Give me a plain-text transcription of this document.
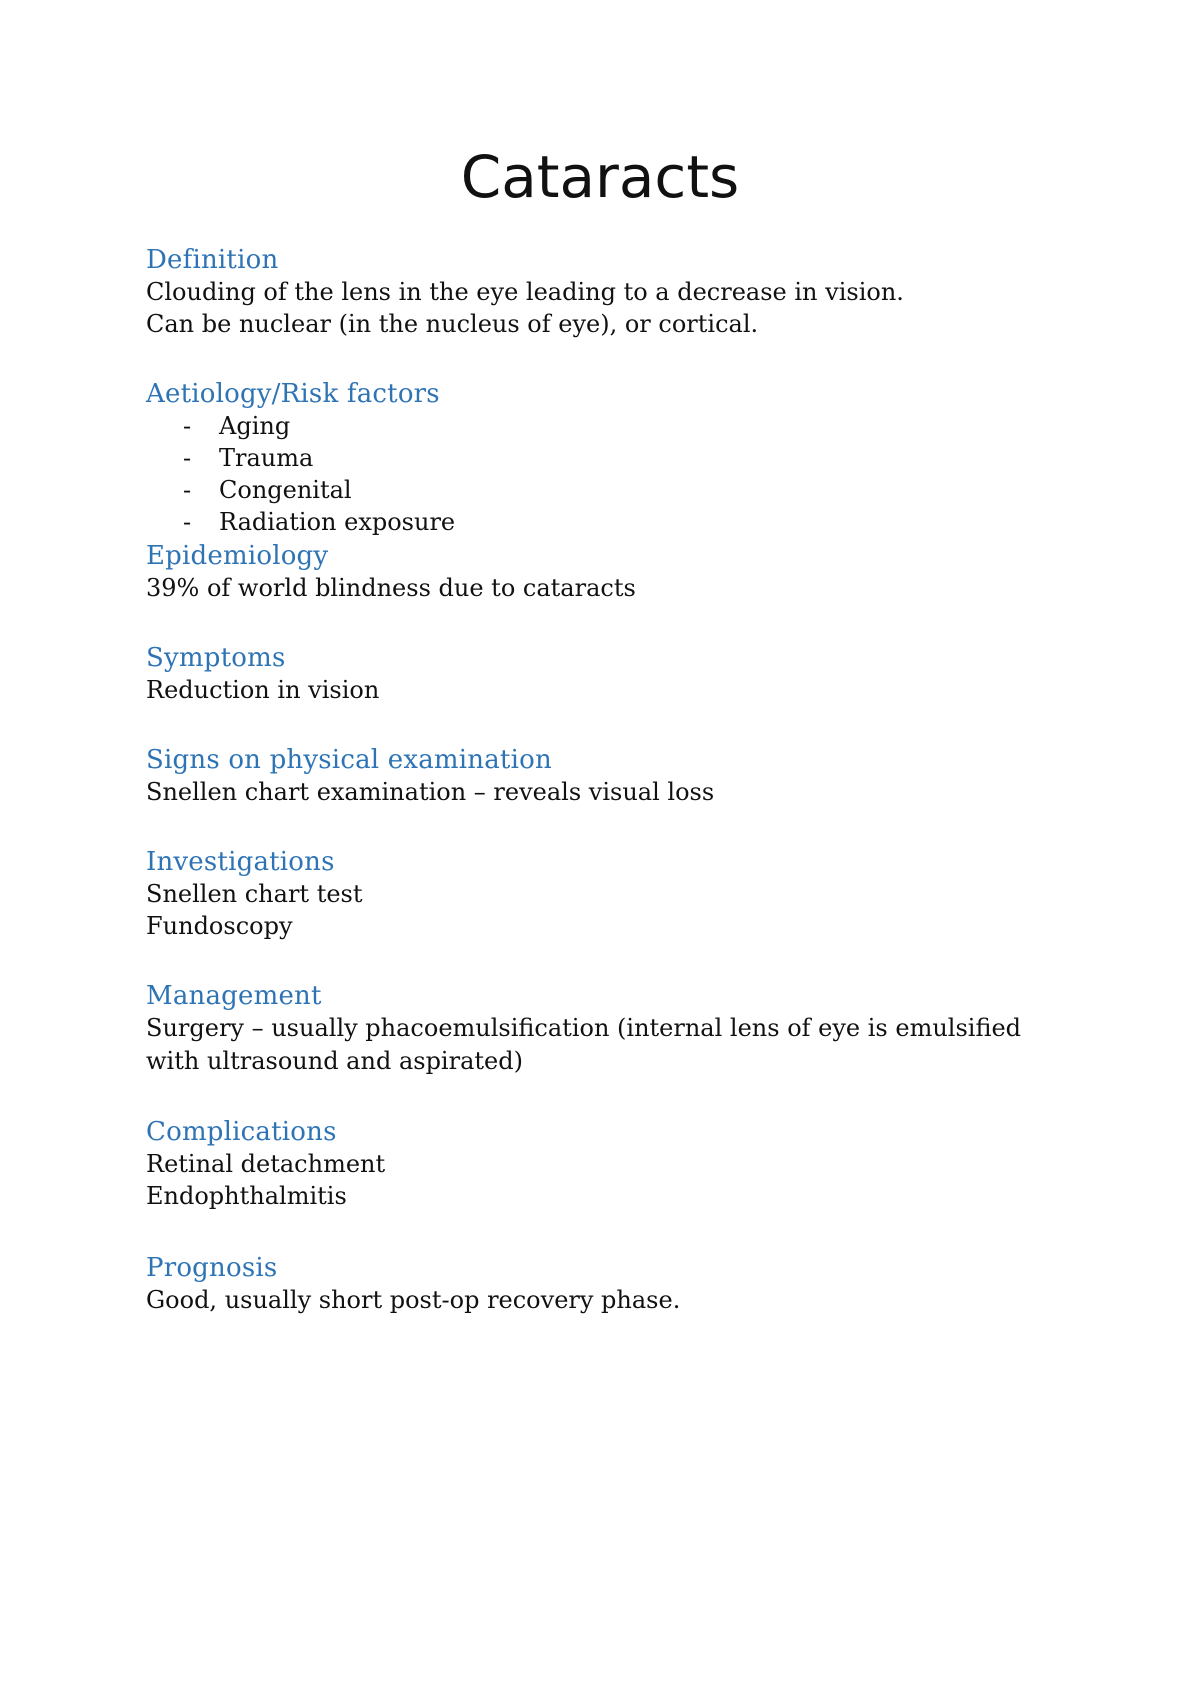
Cataracts
Definition

Clouding of the lens in the eye leading to a decrease in vision.

Can be nuclear (in the nucleus of eye), or cortical.

Aetiology/Risk factors
- Aging
- Trauma
- Congenital
- Radiation exposure
Epidemiology

39% of world blindness due to cataracts

Symptoms

Reduction in vision

Signs on physical examination

Snellen chart examination – reveals visual loss

Investigations

Snellen chart test

Fundoscopy

Management

Surgery – usually phacoemulsification (internal lens of eye is emulsified with ultrasound and aspirated)

Complications

Retinal detachment

Endophthalmitis

Prognosis

Good, usually short post-op recovery phase.
